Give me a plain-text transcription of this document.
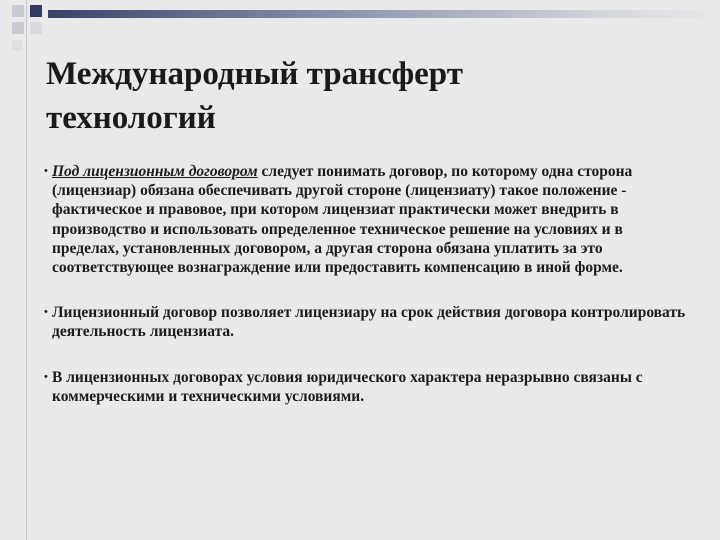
Международный трансферт
технологий

• Под лицензионным договором следует понимать договор, по которому одна сторона (лицензиар) обязана обеспечивать другой стороне (лицензиату) такое положение - фактическое и правовое, при котором лицензиат практически может внедрить в производство и использовать определенное техническое решение на условиях и в пределах, установленных договором, а другая сторона обязана уплатить за это соответствующее вознаграждение или предоставить компенсацию в иной форме.

• Лицензионный договор позволяет лицензиару на срок действия договора контролировать деятельность лицензиата.

• В лицензионных договорах условия юридического характера неразрывно связаны с коммерческими и техническими условиями.
